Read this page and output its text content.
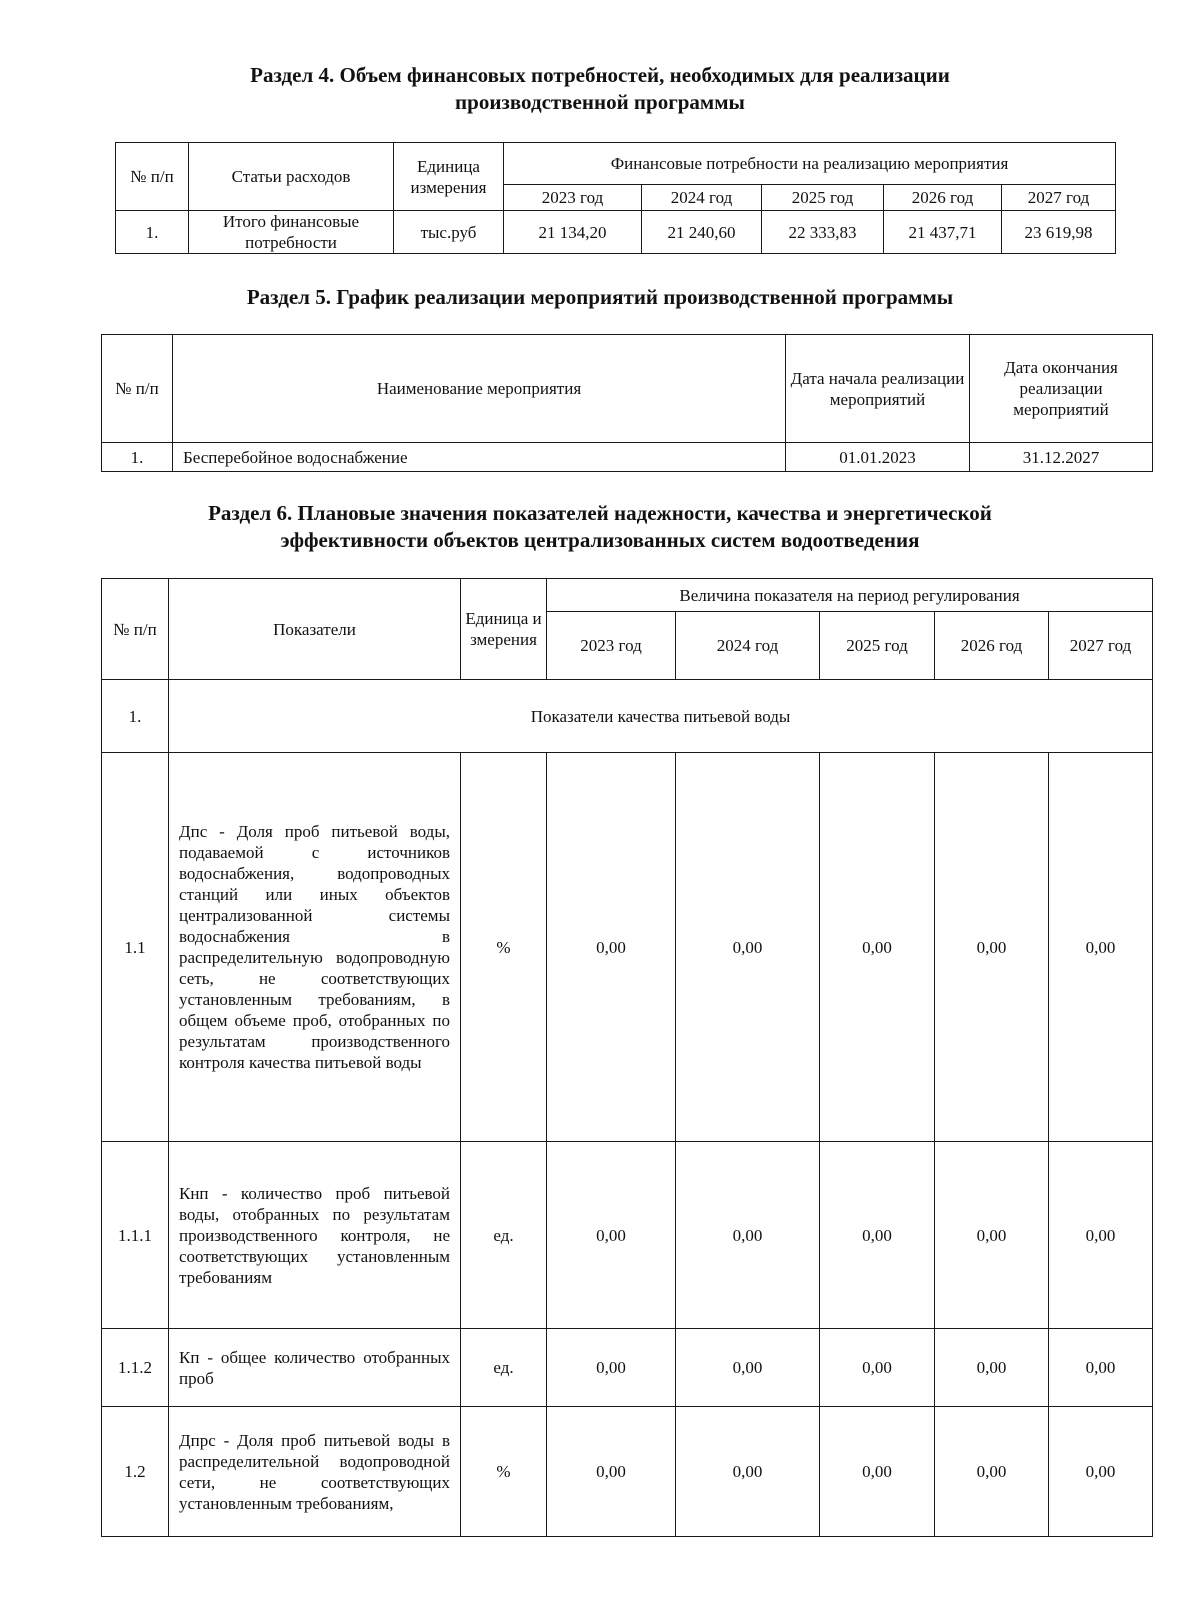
Раздел 4. Объем финансовых потребностей, необходимых для реализации
производственной программы
№ п/п	Статьи расходов	Единица измерения	Финансовые потребности на реализацию мероприятия				
			2023 год	2024 год	2025 год	2026 год	2027 год
1.	Итого финансовые потребности	тыс.руб	21 134,20	21 240,60	22 333,83	21 437,71	23 619,98
Раздел 5. График реализации мероприятий производственной программы
№ п/п	Наименование мероприятия	Дата начала реализации мероприятий	Дата окончания реализации мероприятий
1.	Бесперебойное водоснабжение	01.01.2023	31.12.2027
Раздел 6. Плановые значения показателей надежности, качества и энергетической
эффективности объектов централизованных систем водоотведения
№ п/п	Показатели	Единица измерения	Величина показателя на период регулирования				
			2023 год	2024 год	2025 год	2026 год	2027 год
1.	Показатели качества питьевой воды						
1.1	Дпс - Доля проб питьевой воды, подаваемой с источников водоснабжения, водопроводных станций или иных объектов централизованной системы водоснабжения в распределительную водопроводную сеть, не соответствующих установленным требованиям, в общем объеме проб, отобранных по результатам производственного контроля качества питьевой воды	%	0,00	0,00	0,00	0,00	0,00
1.1.1	Кнп - количество проб питьевой воды, отобранных по результатам производственного контроля, не соответствующих установленным требованиям	ед.	0,00	0,00	0,00	0,00	0,00
1.1.2	Кп - общее количество отобранных проб	ед.	0,00	0,00	0,00	0,00	0,00
1.2	Дпрс - Доля проб питьевой воды в распределительной водопроводной сети, не соответствующих установленным требованиям,	%	0,00	0,00	0,00	0,00	0,00
